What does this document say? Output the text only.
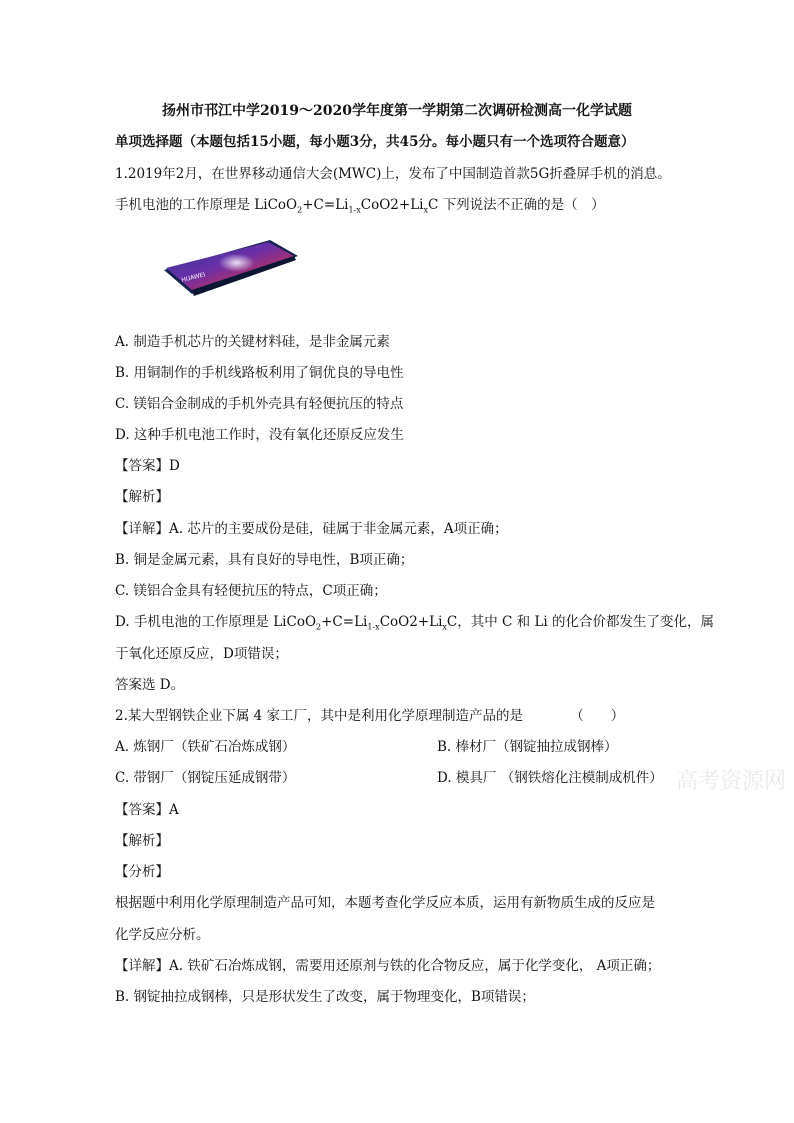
扬州市邗江中学2019～2020学年度第一学期第二次调研检测高一化学试题
单项选择题（本题包括15小题，每小题3分，共45分。每小题只有一个选项符合题意）
1.2019年2月，在世界移动通信大会(MWC)上，发布了中国制造首款5G折叠屏手机的消息。
手机电池的工作原理是 $LiCoO_2+C=Li_{1-x}CoO2+Li_xC$ 下列说法不正确的是（　）
HUAWEI
A. 制造手机芯片的关键材料硅，是非金属元素
B. 用铜制作的手机线路板利用了铜优良的导电性
C. 镁铝合金制成的手机外壳具有轻便抗压的特点
D. 这种手机电池工作时，没有氧化还原反应发生
【答案】D
【解析】
【详解】A. 芯片的主要成份是硅，硅属于非金属元素，A项正确；
B. 铜是金属元素，具有良好的导电性，B项正确；
C. 镁铝合金具有轻便抗压的特点，C项正确；
D. 手机电池的工作原理是 $LiCoO_2+C=Li_{1-x}CoO2+Li_xC$，其中 C 和 Li 的化合价都发生了变化，属
于氧化还原反应，D项错误；
答案选 D。
2.某大型钢铁企业下属 4 家工厂，其中是利用化学原理制造产品的是　　　　（　　）
A. 炼钢厂（铁矿石冶炼成钢）	B. 棒材厂（钢锭抽拉成钢棒）
C. 带钢厂（钢锭压延成钢带）	D. 模具厂 （钢铁熔化注模制成机件） 高考资源网
【答案】A
【解析】
【分析】
根据题中利用化学原理制造产品可知，本题考查化学反应本质，运用有新物质生成的反应是
化学反应分析。
【详解】A. 铁矿石冶炼成钢，需要用还原剂与铁的化合物反应，属于化学变化， A项正确；
B. 钢锭抽拉成钢棒，只是形状发生了改变，属于物理变化，B项错误；
